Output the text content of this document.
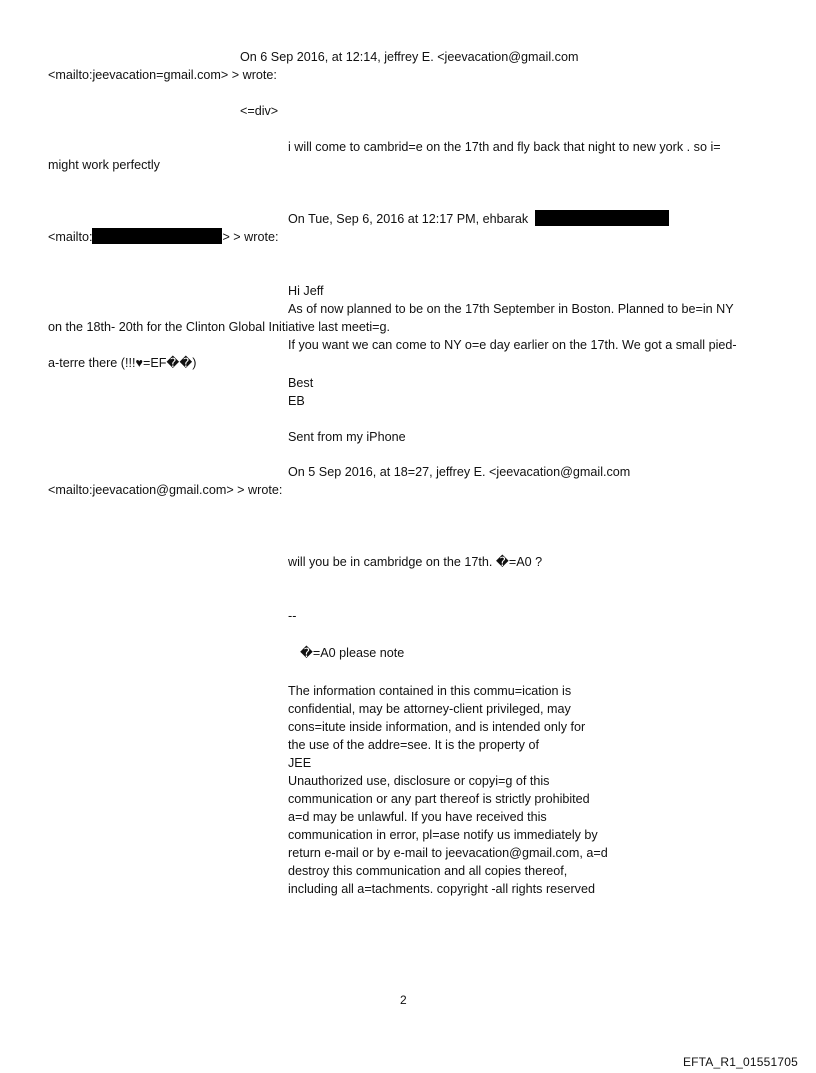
On 6 Sep 2016, at 12:14, jeffrey E. <jeevacation@gmail.com
<mailto:jeevacation=gmail.com> > wrote:
<=div>
i will come to cambrid=e on the 17th and fly back that night to new york . so i=
might work perfectly
On Tue, Sep 6, 2016 at 12:17 PM, ehbarak
<mailto:	> > wrote:
Hi Jeff
As of now planned to be on the 17th September in Boston. Planned to be=in NY
on the 18th- 20th for the Clinton Global Initiative last meeti=g.
If you want we can come to NY o=e day earlier on the 17th. We got a small pied-
a-terre there (!!!♥=EF��)
Best
EB
Sent from my iPhone
On 5 Sep 2016, at 18=27, jeffrey E. <jeevacation@gmail.com
<mailto:jeevacation@gmail.com> > wrote:
will you be in cambridge on the 17th. �=A0 ?
--
�=A0 please note
The information contained in this commu=ication is
confidential, may be attorney-client privileged, may
cons=itute inside information, and is intended only for
the use of the addre=see. It is the property of
JEE
Unauthorized use, disclosure or copyi=g of this
communication or any part thereof is strictly prohibited
a=d may be unlawful. If you have received this
communication in error, pl=ase notify us immediately by
return e-mail or by e-mail to jeevacation@gmail.com, a=d
destroy this communication and all copies thereof,
including all a=tachments. copyright -all rights reserved
2
EFTA_R1_01551705
